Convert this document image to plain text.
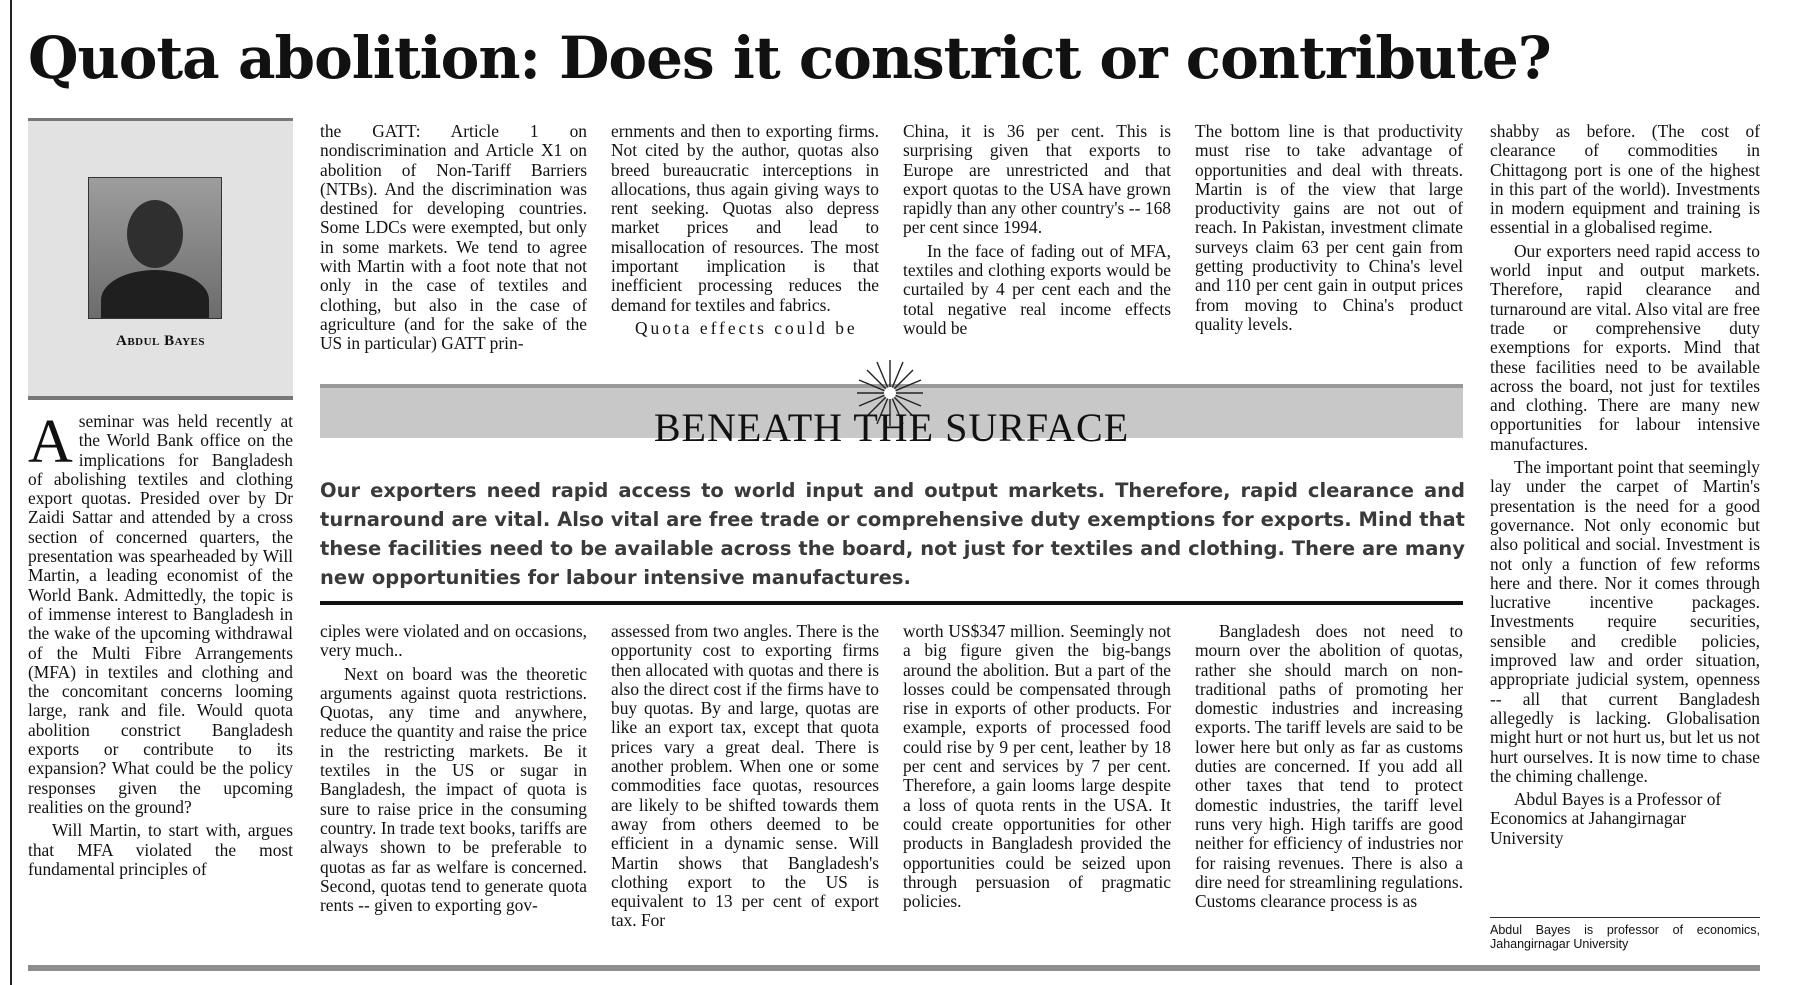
Quota abolition: Does it constrict or contribute?
Abdul Bayes

A seminar was held recently at the World Bank office on the implications for Bangladesh of abolishing textiles and clothing export quotas. Presided over by Dr Zaidi Sattar and attended by a cross section of concerned quarters, the presentation was spearheaded by Will Martin, a leading economist of the World Bank. Admittedly, the topic is of immense interest to Bangladesh in the wake of the upcoming withdrawal of the Multi Fibre Arrangements (MFA) in textiles and clothing and the concomitant concerns looming large, rank and file. Would quota abolition constrict Bangladesh exports or contribute to its expansion? What could be the policy responses given the upcoming realities on the ground?

Will Martin, to start with, argues that MFA violated the most fundamental principles of

the GATT: Article 1 on nondiscrimination and Article X1 on abolition of Non-Tariff Barriers (NTBs). And the discrimination was destined for developing countries. Some LDCs were exempted, but only in some markets. We tend to agree with Martin with a foot note that not only in the case of textiles and clothing, but also in the case of agriculture (and for the sake of the US in particular) GATT prin-

ernments and then to exporting firms. Not cited by the author, quotas also breed bureaucratic interceptions in allocations, thus again giving ways to rent seeking. Quotas also depress market prices and lead to misallocation of resources. The most important implication is that inefficient processing reduces the demand for textiles and fabrics.

Quota effects could be

China, it is 36 per cent. This is surprising given that exports to Europe are unrestricted and that export quotas to the USA have grown rapidly than any other country's -- 168 per cent since 1994.

In the face of fading out of MFA, textiles and clothing exports would be curtailed by 4 per cent each and the total negative real income effects would be

The bottom line is that productivity must rise to take advantage of opportunities and deal with threats. Martin is of the view that large productivity gains are not out of reach. In Pakistan, investment climate surveys claim 63 per cent gain from getting productivity to China's level and 110 per cent gain in output prices from moving to China's product quality levels.

shabby as before. (The cost of clearance of commodities in Chittagong port is one of the highest in this part of the world). Investments in modern equipment and training is essential in a globalised regime.

Our exporters need rapid access to world input and output markets. Therefore, rapid clearance and turnaround are vital. Also vital are free trade or comprehensive duty exemptions for exports. Mind that these facilities need to be available across the board, not just for textiles and clothing. There are many new opportunities for labour intensive manufactures.

The important point that seemingly lay under the carpet of Martin's presentation is the need for a good governance. Not only economic but also political and social. Investment is not only a function of few reforms here and there. Nor it comes through lucrative incentive packages. Investments require securities, sensible and credible policies, improved law and order situation, appropriate judicial system, openness -- all that current Bangladesh allegedly is lacking. Globalisation might hurt or not hurt us, but let us not hurt ourselves. It is now time to chase the chiming challenge.

Abdul Bayes is a Professor of Economics at Jahangirnagar University

BENEATH THE SURFACE
Our exporters need rapid access to world input and output markets. Therefore, rapid clearance and turnaround are vital. Also vital are free trade or comprehensive duty exemptions for exports. Mind that these facilities need to be available across the board, not just for textiles and clothing. There are many new opportunities for labour intensive manufactures.

ciples were violated and on occasions, very much..

Next on board was the theoretic arguments against quota restrictions. Quotas, any time and anywhere, reduce the quantity and raise the price in the restricting markets. Be it textiles in the US or sugar in Bangladesh, the impact of quota is sure to raise price in the consuming country. In trade text books, tariffs are always shown to be preferable to quotas as far as welfare is concerned. Second, quotas tend to generate quota rents -- given to exporting gov-

assessed from two angles. There is the opportunity cost to exporting firms then allocated with quotas and there is also the direct cost if the firms have to buy quotas. By and large, quotas are like an export tax, except that quota prices vary a great deal. There is another problem. When one or some commodities face quotas, resources are likely to be shifted towards them away from others deemed to be efficient in a dynamic sense. Will Martin shows that Bangladesh's clothing export to the US is equivalent to 13 per cent of export tax. For

worth US$347 million. Seemingly not a big figure given the big-bangs around the abolition. But a part of the losses could be compensated through rise in exports of other products. For example, exports of processed food could rise by 9 per cent, leather by 18 per cent and services by 7 per cent. Therefore, a gain looms large despite a loss of quota rents in the USA. It could create opportunities for other products in Bangladesh provided the opportunities could be seized upon through persuasion of pragmatic policies.

Bangladesh does not need to mourn over the abolition of quotas, rather she should march on non-traditional paths of promoting her domestic industries and increasing exports. The tariff levels are said to be lower here but only as far as customs duties are concerned. If you add all other taxes that tend to protect domestic industries, the tariff level runs very high. High tariffs are good neither for efficiency of industries nor for raising revenues. There is also a dire need for streamlining regulations. Customs clearance process is as

Abdul Bayes is professor of economics, Jahangirnagar University
